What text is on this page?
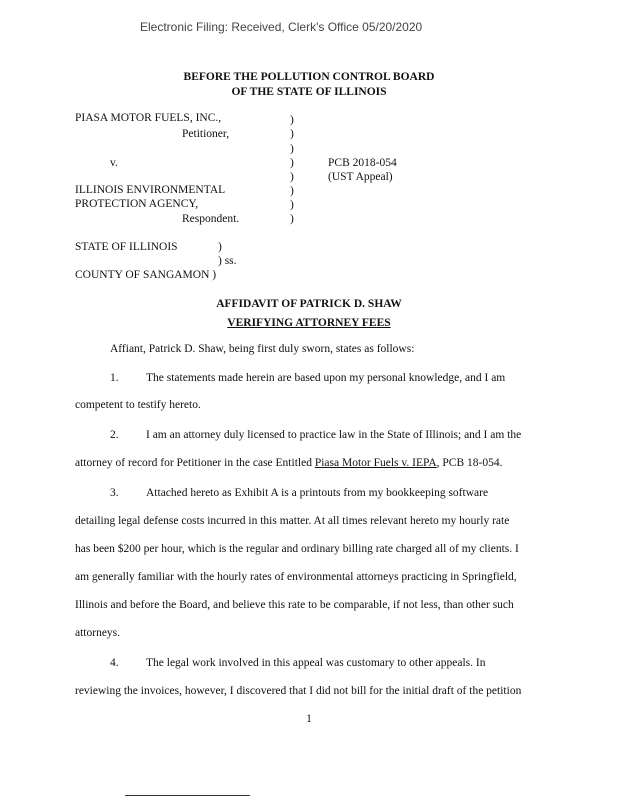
Electronic Filing: Received, Clerk's Office 05/20/2020
BEFORE THE POLLUTION CONTROL BOARD
OF THE STATE OF ILLINOIS
PIASA MOTOR FUELS, INC.,
Petitioner,
v.
ILLINOIS ENVIRONMENTAL
PROTECTION AGENCY,
Respondent.
)
)
)
)
)
)
)
)
PCB 2018-054
(UST Appeal)
STATE OF ILLINOIS	)
) ss.
COUNTY OF SANGAMON )
AFFIDAVIT OF PATRICK D. SHAW
VERIFYING ATTORNEY FEES
Affiant, Patrick D. Shaw, being first duly sworn, states as follows:
1. The statements made herein are based upon my personal knowledge, and I am
competent to testify hereto.
2. I am an attorney duly licensed to practice law in the State of Illinois; and I am the
attorney of record for Petitioner in the case Entitled Piasa Motor Fuels v. IEPA, PCB 18-054.
3. Attached hereto as Exhibit A is a printouts from my bookkeeping software
detailing legal defense costs incurred in this matter. At all times relevant hereto my hourly rate
has been $200 per hour, which is the regular and ordinary billing rate charged all of my clients. I
am generally familiar with the hourly rates of environmental attorneys practicing in Springfield,
Illinois and before the Board, and believe this rate to be comparable, if not less, than other such
attorneys.
4. The legal work involved in this appeal was customary to other appeals. In
reviewing the invoices, however, I discovered that I did not bill for the initial draft of the petition
1
